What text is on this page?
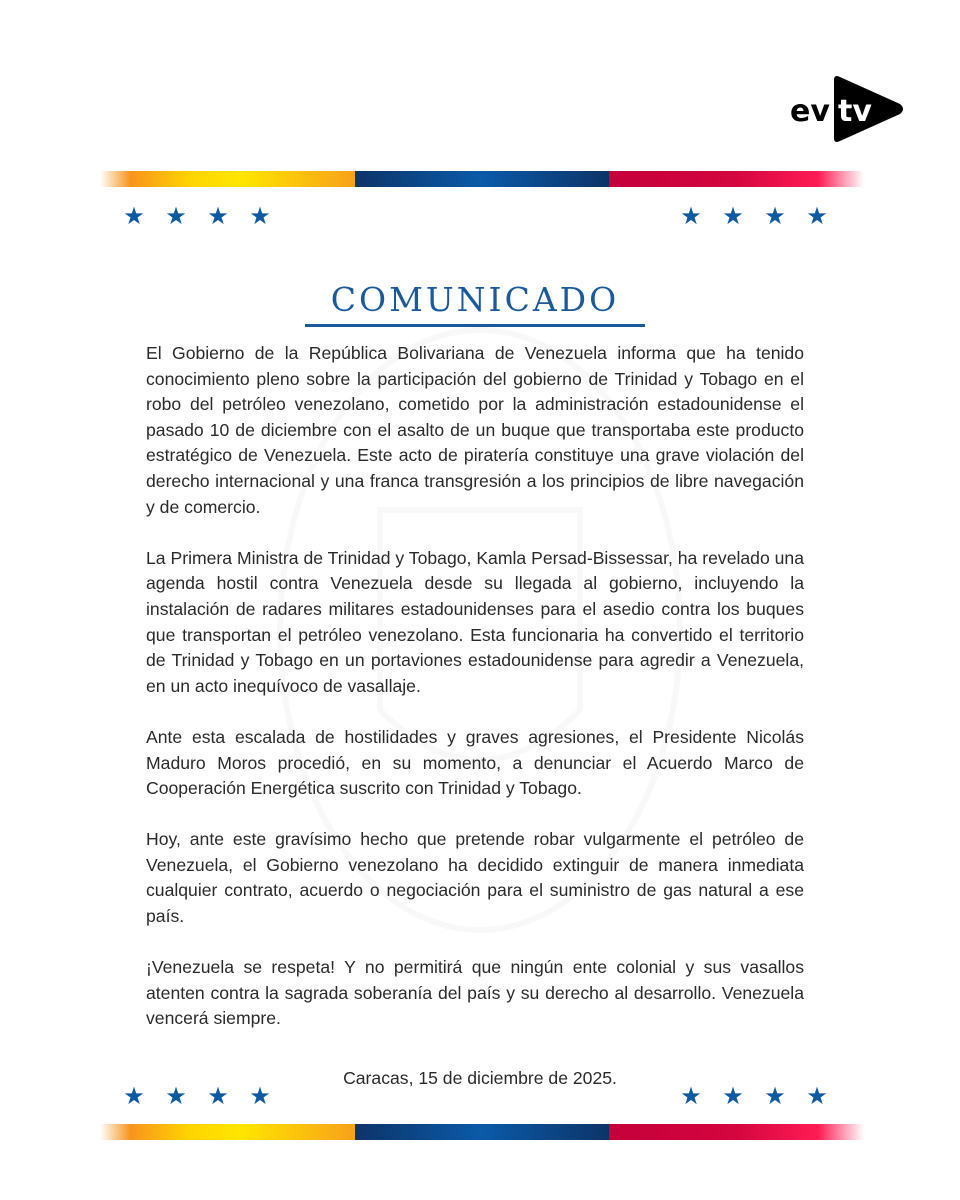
ev tv
★ ★ ★ ★	★ ★ ★ ★
COMUNICADO

El Gobierno de la República Bolivariana de Venezuela informa que ha tenido conocimiento pleno sobre la participación del gobierno de Trinidad y Tobago en el robo del petróleo venezolano, cometido por la administración estadounidense el pasado 10 de diciembre con el asalto de un buque que transportaba este producto estratégico de Venezuela. Este acto de piratería constituye una grave violación del derecho internacional y una franca transgresión a los principios de libre navegación y de comercio.

La Primera Ministra de Trinidad y Tobago, Kamla Persad-Bissessar, ha revelado una agenda hostil contra Venezuela desde su llegada al gobierno, incluyendo la instalación de radares militares estadounidenses para el asedio contra los buques que transportan el petróleo venezolano. Esta funcionaria ha convertido el territorio de Trinidad y Tobago en un portaviones estadounidense para agredir a Venezuela, en un acto inequívoco de vasallaje.

Ante esta escalada de hostilidades y graves agresiones, el Presidente Nicolás Maduro Moros procedió, en su momento, a denunciar el Acuerdo Marco de Cooperación Energética suscrito con Trinidad y Tobago.

Hoy, ante este gravísimo hecho que pretende robar vulgarmente el petróleo de Venezuela, el Gobierno venezolano ha decidido extinguir de manera inmediata cualquier contrato, acuerdo o negociación para el suministro de gas natural a ese país.

¡Venezuela se respeta! Y no permitirá que ningún ente colonial y sus vasallos atenten contra la sagrada soberanía del país y su derecho al desarrollo. Venezuela vencerá siempre.

Caracas, 15 de diciembre de 2025.
★ ★ ★ ★	★ ★ ★ ★
